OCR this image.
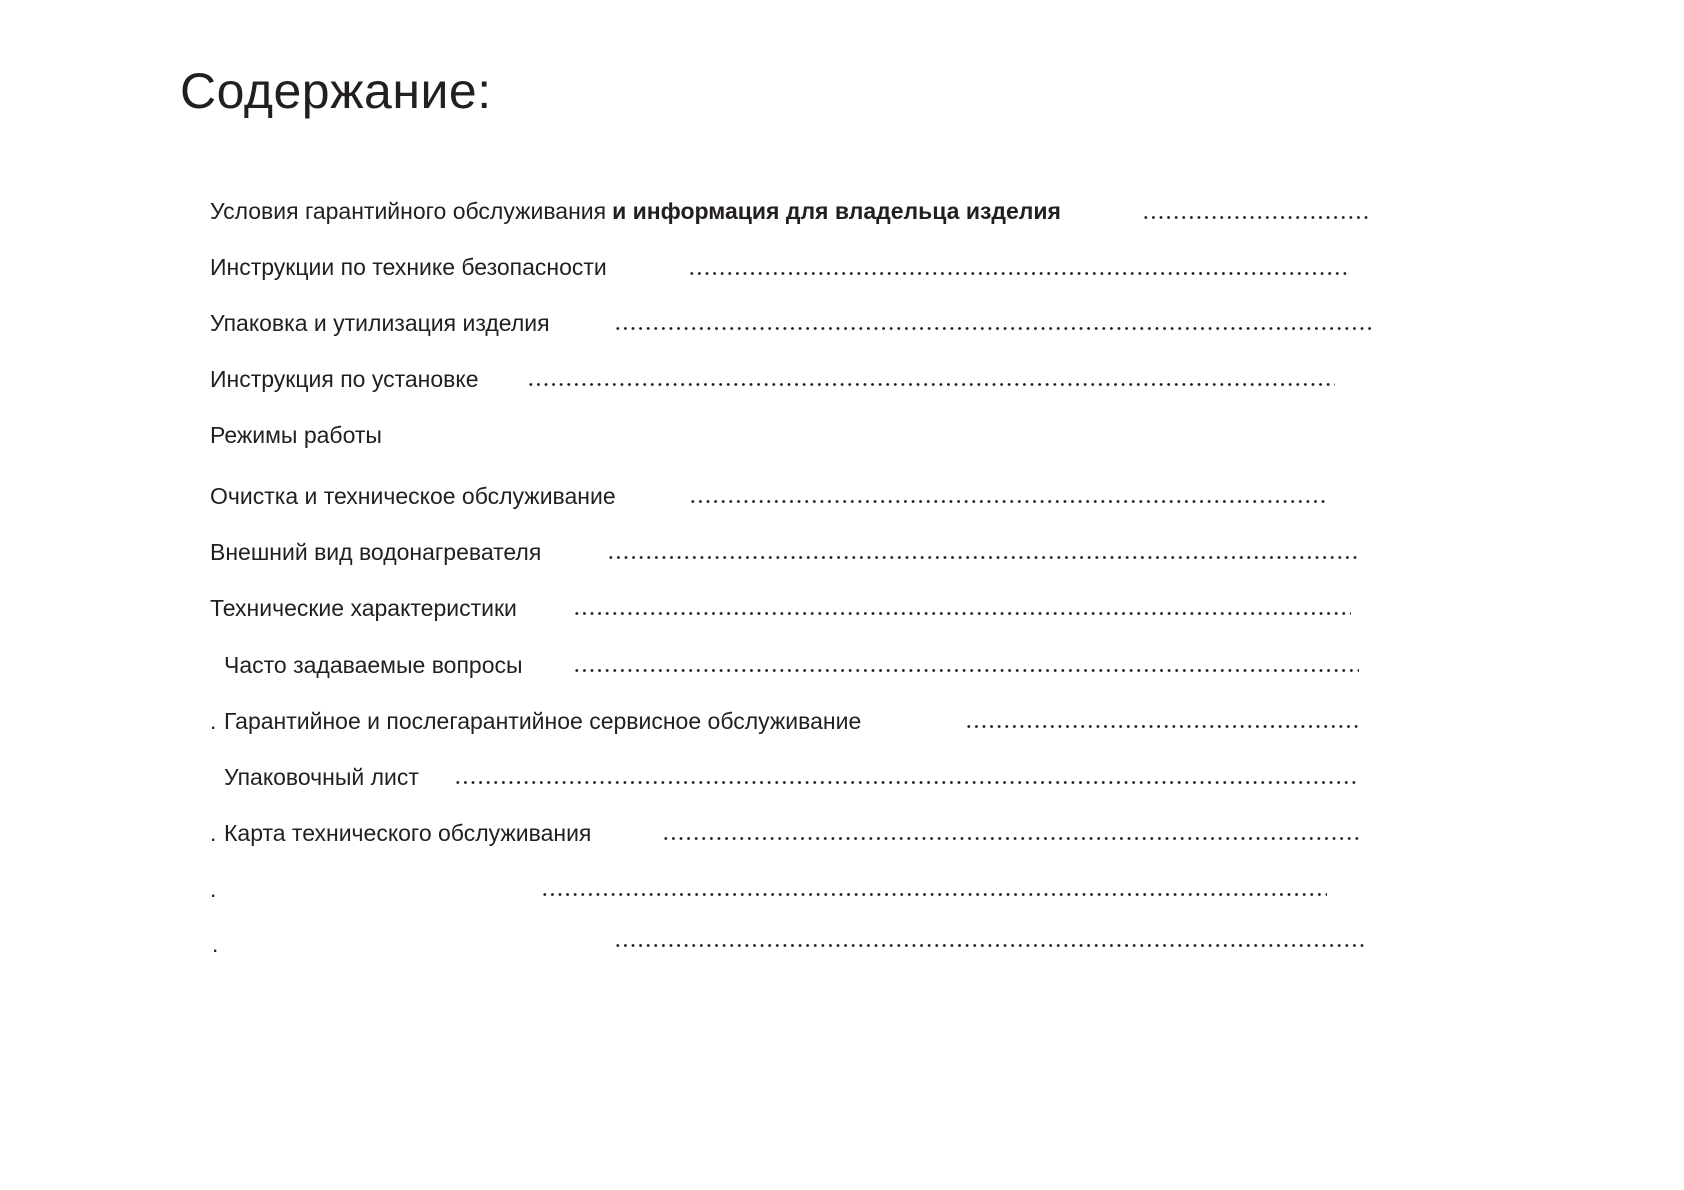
Содержание:
Условия гарантийного обслуживания и информация для владельца изделия
Инструкции по технике безопасности
Упаковка и утилизация изделия
Инструкция по установке
Режимы работы
Очистка и техническое обслуживание
Внешний вид водонагревателя
Технические характеристики
Часто задаваемые вопросы
. Гарантийное и послегарантийное сервисное обслуживание
Упаковочный лист
. Карта технического обслуживания
.
.
